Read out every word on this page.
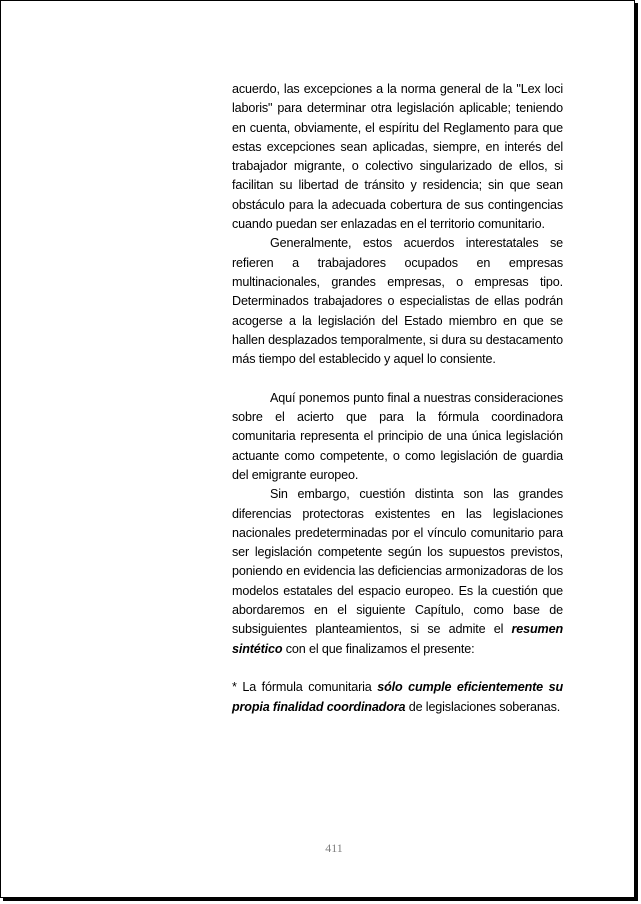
acuerdo, las excepciones a la norma general de la "Lex loci laboris" para determinar otra legislación aplicable; teniendo en cuenta, obviamente, el espíritu del Reglamento para que estas excepciones sean aplicadas, siempre, en interés del trabajador migrante, o colectivo singularizado de ellos, si facilitan su libertad de tránsito y residencia; sin que sean obstáculo para la adecuada cobertura de sus contingencias cuando puedan ser enlazadas en el territorio comunitario.

Generalmente, estos acuerdos interestatales se refieren a trabajadores ocupados en empresas multinacionales, grandes empresas, o empresas tipo. Determinados trabajadores o especialistas de ellas podrán acogerse a la legislación del Estado miembro en que se hallen desplazados temporalmente, si dura su destacamento más tiempo del establecido y aquel lo consiente.

Aquí ponemos punto final a nuestras consideraciones sobre el acierto que para la fórmula coordinadora comunitaria representa el principio de una única legislación actuante como competente, o como legislación de guardia del emigrante europeo.

Sin embargo, cuestión distinta son las grandes diferencias protectoras existentes en las legislaciones nacionales predeterminadas por el vínculo comunitario para ser legislación competente según los supuestos previstos, poniendo en evidencia las deficiencias armonizadoras de los modelos estatales del espacio europeo. Es la cuestión que abordaremos en el siguiente Capítulo, como base de subsiguientes planteamientos, si se admite el resumen sintético con el que finalizamos el presente:

* La fórmula comunitaria sólo cumple eficientemente su propia finalidad coordinadora de legislaciones soberanas.

411
